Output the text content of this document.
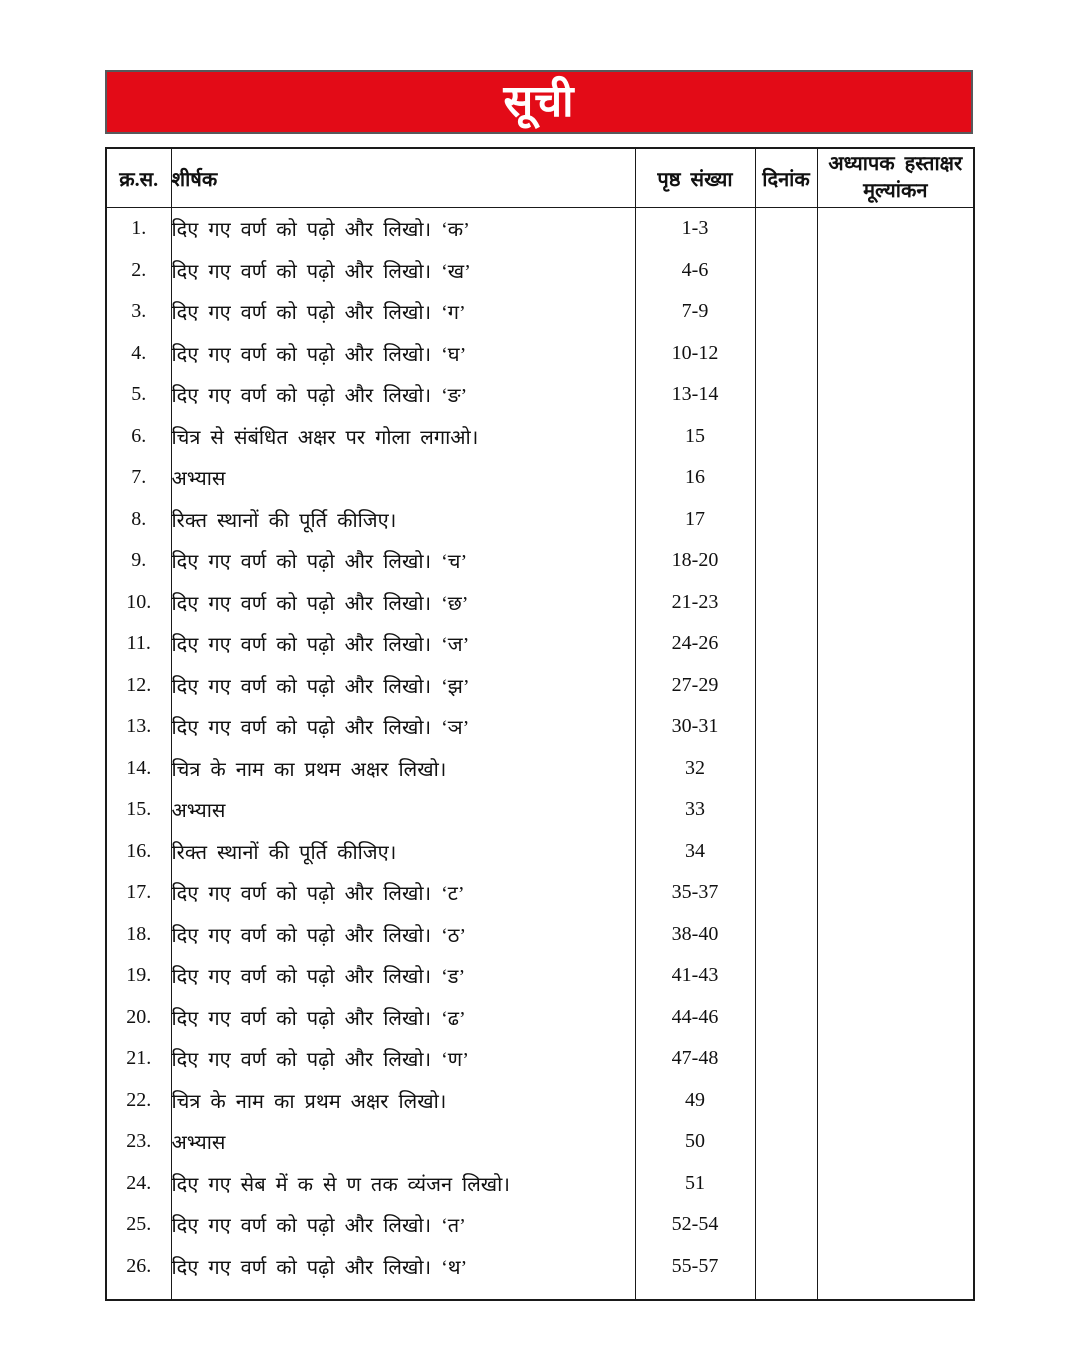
सूची
क्र.स.	शीर्षक	पृष्ठ संख्या	दिनांक	अध्यापक हस्ताक्षर
मूल्यांकन

1.	दिए गए वर्ण को पढ़ो और लिखो। ‘क’	1-3		
2.	दिए गए वर्ण को पढ़ो और लिखो। ‘ख’	4-6		
3.	दिए गए वर्ण को पढ़ो और लिखो। ‘ग’	7-9		
4.	दिए गए वर्ण को पढ़ो और लिखो। ‘घ’	10-12		
5.	दिए गए वर्ण को पढ़ो और लिखो। ‘ङ’	13-14		
6.	चित्र से संबंधित अक्षर पर गोला लगाओ।	15		
7.	अभ्यास	16		
8.	रिक्त स्थानों की पूर्ति कीजिए।	17		
9.	दिए गए वर्ण को पढ़ो और लिखो। ‘च’	18-20		
10.	दिए गए वर्ण को पढ़ो और लिखो। ‘छ’	21-23		
11.	दिए गए वर्ण को पढ़ो और लिखो। ‘ज’	24-26		
12.	दिए गए वर्ण को पढ़ो और लिखो। ‘झ’	27-29		
13.	दिए गए वर्ण को पढ़ो और लिखो। ‘ञ’	30-31		
14.	चित्र के नाम का प्रथम अक्षर लिखो।	32		
15.	अभ्यास	33		
16.	रिक्त स्थानों की पूर्ति कीजिए।	34		
17.	दिए गए वर्ण को पढ़ो और लिखो। ‘ट’	35-37		
18.	दिए गए वर्ण को पढ़ो और लिखो। ‘ठ’	38-40		
19.	दिए गए वर्ण को पढ़ो और लिखो। ‘ड’	41-43		
20.	दिए गए वर्ण को पढ़ो और लिखो। ‘ढ’	44-46		
21.	दिए गए वर्ण को पढ़ो और लिखो। ‘ण’	47-48		
22.	चित्र के नाम का प्रथम अक्षर लिखो।	49		
23.	अभ्यास	50		
24.	दिए गए सेब में क से ण तक व्यंजन लिखो।	51		
25.	दिए गए वर्ण को पढ़ो और लिखो। ‘त’	52-54		
26.	दिए गए वर्ण को पढ़ो और लिखो। ‘थ’	55-57		
